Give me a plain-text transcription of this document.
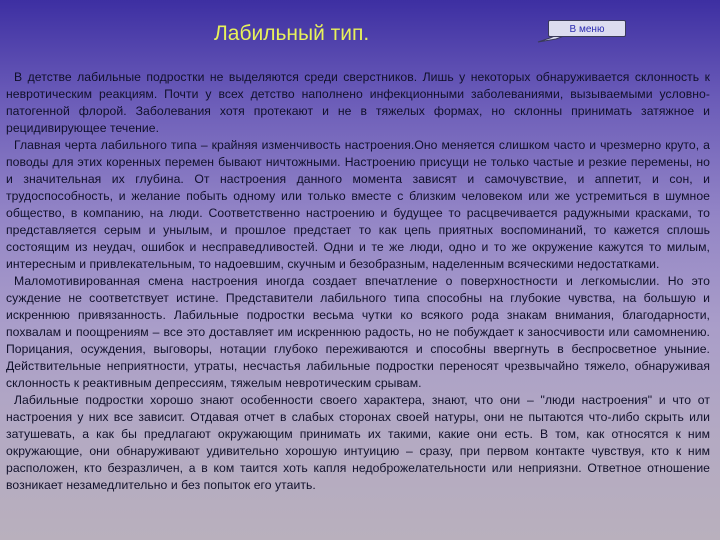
Лабильный тип.	В меню

В детстве лабильные подростки не выделяются среди сверстников. Лишь у некоторых обнаруживается склонность к невротическим реакциям. Почти у всех детство наполнено инфекционными заболеваниями, вызываемыми условно-патогенной флорой. Заболевания хотя протекают и не в тяжелых формах, но склонны принимать затяжное и рецидивирующее течение.

Главная черта лабильного типа – крайняя изменчивость настроения.Оно меняется слишком часто и чрезмерно круто, а поводы для этих коренных перемен бывают ничтожными. Настроению присущи не только частые и резкие перемены, но и значительная их глубина. От настроения данного момента зависят и самочувствие, и аппетит, и сон, и трудоспособность, и желание побыть одному или только вместе с близким человеком или же устремиться в шумное общество, в компанию, на люди. Соответственно настроению и будущее то расцвечивается радужными красками, то представляется серым и унылым, и прошлое предстает то как цепь приятных воспоминаний, то кажется сплошь состоящим из неудач, ошибок и несправедливостей. Одни и те же люди, одно и то же окружение кажутся то милым, интересным и привлекательным, то надоевшим, скучным и безобразным, наделенным всяческими недостатками.

Маломотивированная смена настроения иногда создает впечатление о поверхностности и легкомыслии. Но это суждение не соответствует истине. Представители лабильного типа способны на глубокие чувства, на большую и искреннюю привязанность. Лабильные подростки весьма чутки ко всякого рода знакам внимания, благодарности, похвалам и поощрениям – все это доставляет им искреннюю радость, но не побуждает к заносчивости или самомнению. Порицания, осуждения, выговоры, нотации глубоко переживаются и способны ввергнуть в беспросветное уныние. Действительные неприятности, утраты, несчастья лабильные подростки переносят чрезвычайно тяжело, обнаруживая склонность к реактивным депрессиям, тяжелым невротическим срывам.

Лабильные подростки хорошо знают особенности своего характера, знают, что они – "люди настроения" и что от настроения у них все зависит. Отдавая отчет в слабых сторонах своей натуры, они не пытаются что-либо скрыть или затушевать, а как бы предлагают окружающим принимать их такими, какие они есть. В том, как относятся к ним окружающие, они обнаруживают удивительно хорошую интуицию – сразу, при первом контакте чувствуя, кто к ним расположен, кто безразличен, а в ком таится хоть капля недоброжелательности или неприязни. Ответное отношение возникает незамедлительно и без попыток его утаить.
